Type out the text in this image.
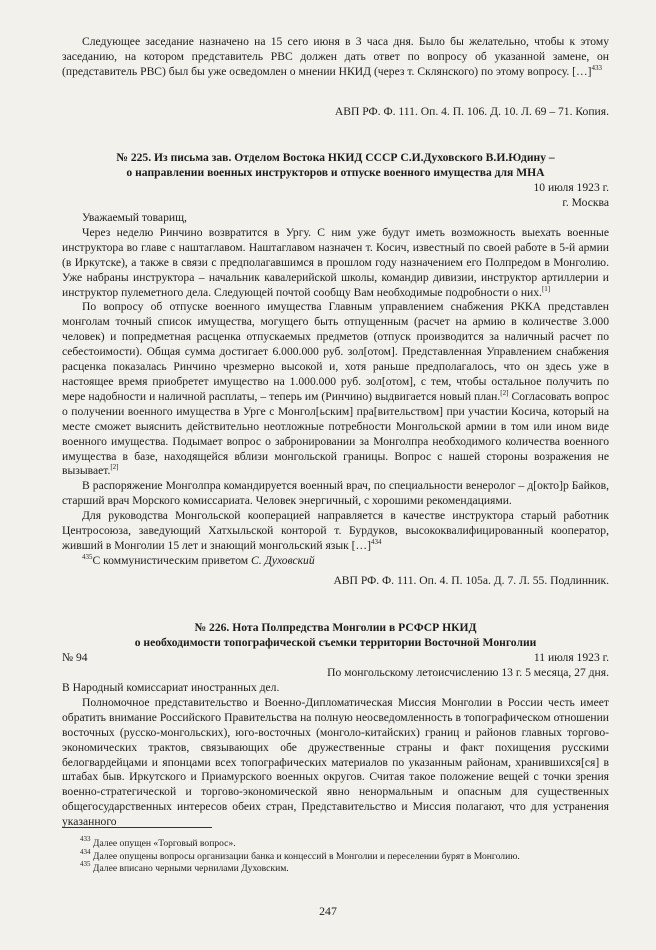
Следующее заседание назначено на 15 сего июня в 3 часа дня. Было бы желательно, чтобы к этому заседанию, на котором представитель РВС должен дать ответ по вопросу об указанной замене, он (представитель РВС) был бы уже осведомлен о мнении НКИД (через т. Склянского) по этому вопросу. […]$^{433}$

АВП РФ. Ф. 111. Оп. 4. П. 106. Д. 10. Л. 69 – 71. Копия.
№ 225. Из письма зав. Отделом Востока НКИД СССР С.И.Духовского В.И.Юдину –
о направлении военных инструкторов и отпуске военного имущества для МНА
10 июля 1923 г.
г. Москва

Уважаемый товарищ,

Через неделю Ринчино возвратится в Ургу. С ним уже будут иметь возможность выехать военные инструктора во главе с наштаглавом. Наштаглавом назначен т. Косич, известный по своей работе в 5-й армии (в Иркутске), а также в связи с предполагавшимся в прошлом году назначением его Полпредом в Монголию. Уже набраны инструктора – начальник кавалерийской школы, командир дивизии, инструктор артиллерии и инструктор пулеметного дела. Следующей почтой сообщу Вам необходимые подробности о них.[1]

По вопросу об отпуске военного имущества Главным управлением снабжения РККА представлен монголам точный список имущества, могущего быть отпущенным (расчет на армию в количестве 3.000 человек) и попредметная расценка отпускаемых предметов (отпуск производится за наличный расчет по себестоимости). Общая сумма достигает 6.000.000 руб. зол[отом]. Представленная Управлением снабжения расценка показалась Ринчино чрезмерно высокой и, хотя раньше предполагалось, что он здесь уже в настоящее время приобретет имущество на 1.000.000 руб. зол[отом], с тем, чтобы остальное получить по мере надобности и наличной расплаты, – теперь им (Ринчино) выдвигается новый план.[2] Согласовать вопрос о получении военного имущества в Урге с Монгол[ьским] пра[вительством] при участии Косича, который на месте сможет выяснить действительно неотложные потребности Монгольской армии в том или ином виде военного имущества. Подымает вопрос о забронировании за Монголпра необходимого количества военного имущества в базе, находящейся вблизи монгольской границы. Вопрос с нашей стороны возражения не вызывает.[2]

В распоряжение Монголпра командируется военный врач, по специальности венеролог – д[окто]р Байков, старший врач Морского комиссариата. Человек энергичный, с хорошими рекомендациями.

Для руководства Монгольской кооперацией направляется в качестве инструктора старый работник Центросоюза, заведующий Хатхыльской конторой т. Бурдуков, высококвалифицированный кооператор, живший в Монголии 15 лет и знающий монгольский язык […]$^{434}$

$^{435}$С коммунистическим приветом С. Духовский

АВП РФ. Ф. 111. Оп. 4. П. 105а. Д. 7. Л. 55. Подлинник.
№ 226. Нота Полпредства Монголии в РСФСР НКИД
о необходимости топографической съемки территории Восточной Монголии
№ 94	11 июля 1923 г.
По монгольскому летоисчислению 13 г. 5 месяца, 27 дня.

В Народный комиссариат иностранных дел.

Полномочное представительство и Военно-Дипломатическая Миссия Монголии в России честь имеет обратить внимание Российского Правительства на полную неосведомленность в топографическом отношении восточных (русско-монгольских), юго-восточных (монголо-китайских) границ и районов главных торгово-экономических трактов, связывающих обе дружественные страны и факт похищения русскими белогвардейцами и японцами всех топографических материалов по указанным районам, хранившихся[ся] в штабах быв. Иркутского и Приамурского военных округов. Считая такое положение вещей с точки зрения военно-стратегической и торгово-экономической явно ненормальным и опасным для существенных общегосударственных интересов обеих стран, Представительство и Миссия полагают, что для устранения указанного

$^{433}$ Далее опущен «Торговый вопрос».

$^{434}$ Далее опущены вопросы организации банка и концессий в Монголии и переселении бурят в Монголию.

$^{435}$ Далее вписано черными чернилами Духовским.

247
